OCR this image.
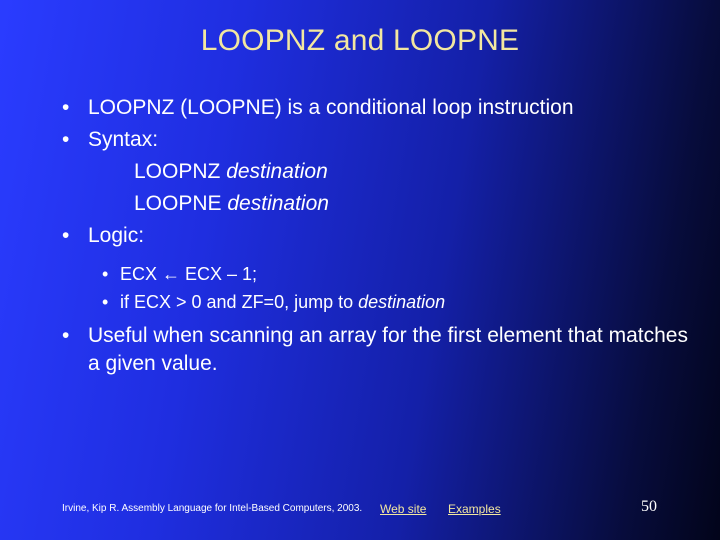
LOOPNZ and LOOPNE
• LOOPNZ (LOOPNE) is a conditional loop instruction
• Syntax:
LOOPNZ destination
LOOPNE destination
• Logic:
• ECX ← ECX – 1;
• if ECX > 0 and ZF=0, jump to destination
• Useful when scanning an array for the first element that matches a given value.
Irvine, Kip R. Assembly Language for Intel-Based Computers, 2003. Web site Examples	50
